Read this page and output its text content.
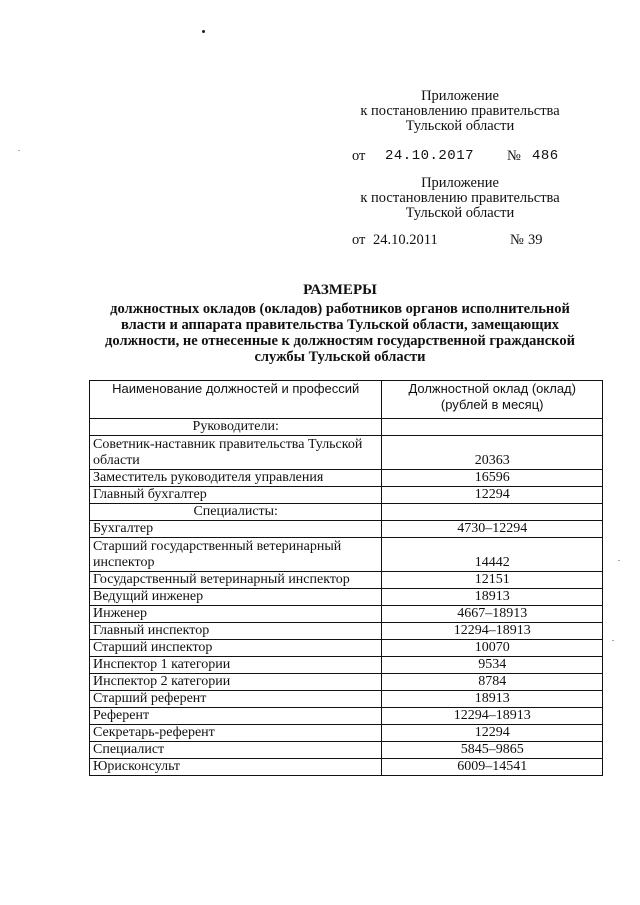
Приложение
к постановлению правительства
Тульской области
от 24.10.2017 № 486
Приложение
к постановлению правительства
Тульской области
от 24.10.2011	№ 39
РАЗМЕРЫ
должностных окладов (окладов) работников органов исполнительной
власти и аппарата правительства Тульской области, замещающих
должности, не отнесенные к должностям государственной гражданской
службы Тульской области
Наименование должностей и профессий	Должностной оклад (оклад)
(рублей в месяц)

Руководители:	
Советник-наставник правительства Тульской области	20363
Заместитель руководителя управления	16596
Главный бухгалтер	12294
Специалисты:	
Бухгалтер	4730–12294
Старший государственный ветеринарный инспектор	14442
Государственный ветеринарный инспектор	12151
Ведущий инженер	18913
Инженер	4667–18913
Главный инспектор	12294–18913
Старший инспектор	10070
Инспектор 1 категории	9534
Инспектор 2 категории	8784
Старший референт	18913
Референт	12294–18913
Секретарь-референт	12294
Специалист	5845–9865
Юрисконсульт	6009–14541
